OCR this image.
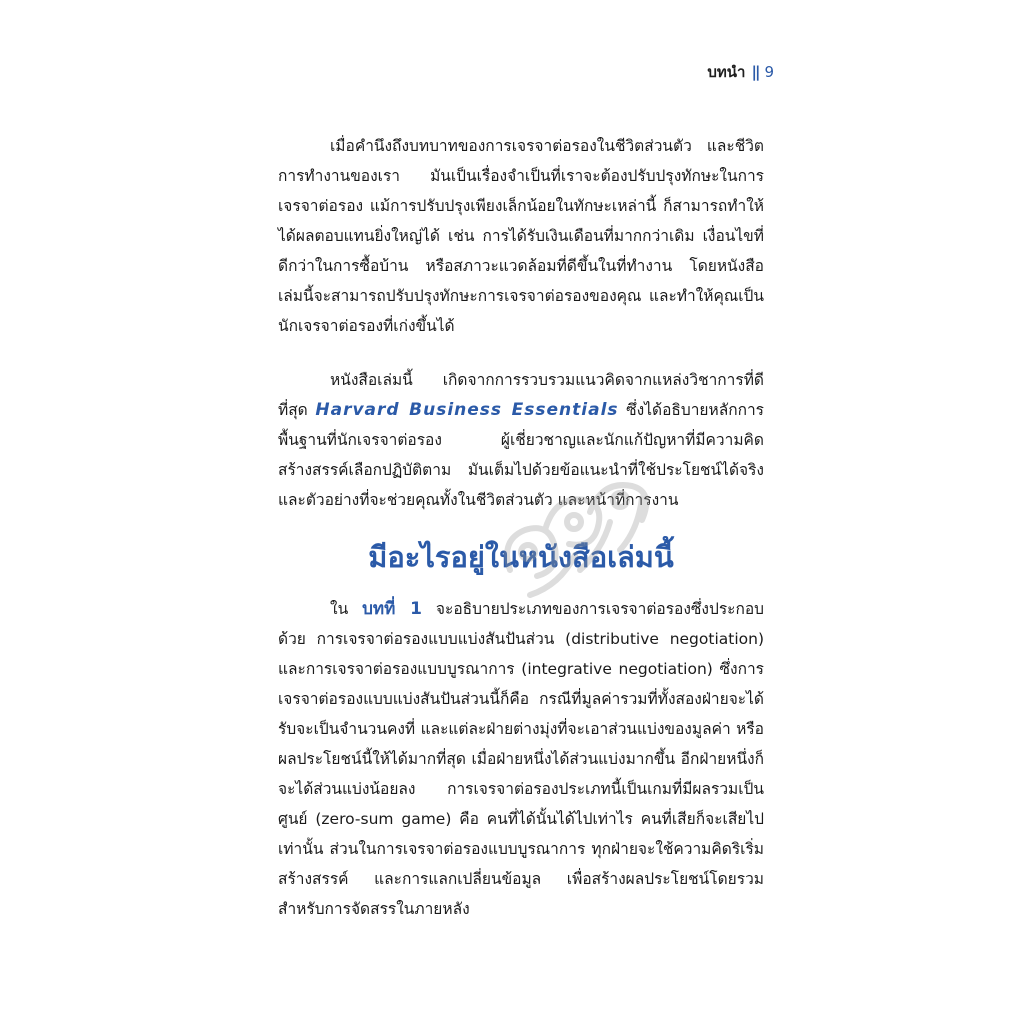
บทนำ || 9

เมื่อคำนึงถึงบทบาทของการเจรจาต่อรองในชีวิตส่วนตัว และชีวิตการทำงานของเรา มันเป็นเรื่องจำเป็นที่เราจะต้องปรับปรุงทักษะในการเจรจาต่อรอง แม้การปรับปรุงเพียงเล็กน้อยในทักษะเหล่านี้ ก็สามารถทำให้ได้ผลตอบแทนยิ่งใหญ่ได้ เช่น การได้รับเงินเดือนที่มากกว่าเดิม เงื่อนไขที่ดีกว่าในการซื้อบ้าน หรือสภาวะแวดล้อมที่ดีขึ้นในที่ทำงาน โดยหนังสือเล่มนี้จะสามารถปรับปรุงทักษะการเจรจาต่อรองของคุณ และทำให้คุณเป็นนักเจรจาต่อรองที่เก่งขึ้นได้

หนังสือเล่มนี้ เกิดจากการรวบรวมแนวคิดจากแหล่งวิชาการที่ดีที่สุด Harvard Business Essentials ซึ่งได้อธิบายหลักการพื้นฐานที่นักเจรจาต่อรอง ผู้เชี่ยวชาญและนักแก้ปัญหาที่มีความคิดสร้างสรรค์เลือกปฏิบัติตาม มันเต็มไปด้วยข้อแนะนำที่ใช้ประโยชน์ได้จริงและตัวอย่างที่จะช่วยคุณทั้งในชีวิตส่วนตัว และหน้าที่การงาน

มีอะไรอยู่ในหนังสือเล่มนี้

ใน บทที่ 1 จะอธิบายประเภทของการเจรจาต่อรองซึ่งประกอบด้วย การเจรจาต่อรองแบบแบ่งสันปันส่วน (distributive negotiation) และการเจรจาต่อรองแบบบูรณาการ (integrative negotiation) ซึ่งการเจรจาต่อรองแบบแบ่งสันปันส่วนนี้ก็คือ กรณีที่มูลค่ารวมที่ทั้งสองฝ่ายจะได้รับจะเป็นจำนวนคงที่ และแต่ละฝ่ายต่างมุ่งที่จะเอาส่วนแบ่งของมูลค่า หรือผลประโยชน์นี้ให้ได้มากที่สุด เมื่อฝ่ายหนึ่งได้ส่วนแบ่งมากขึ้น อีกฝ่ายหนึ่งก็จะได้ส่วนแบ่งน้อยลง การเจรจาต่อรองประเภทนี้เป็นเกมที่มีผลรวมเป็นศูนย์ (zero-sum game) คือ คนที่ได้นั้นได้ไปเท่าไร คนที่เสียก็จะเสียไปเท่านั้น ส่วนในการเจรจาต่อรองแบบบูรณาการ ทุกฝ่ายจะใช้ความคิดริเริ่มสร้างสรรค์ และการแลกเปลี่ยนข้อมูล เพื่อสร้างผลประโยชน์โดยรวมสำหรับการจัดสรรในภายหลัง
